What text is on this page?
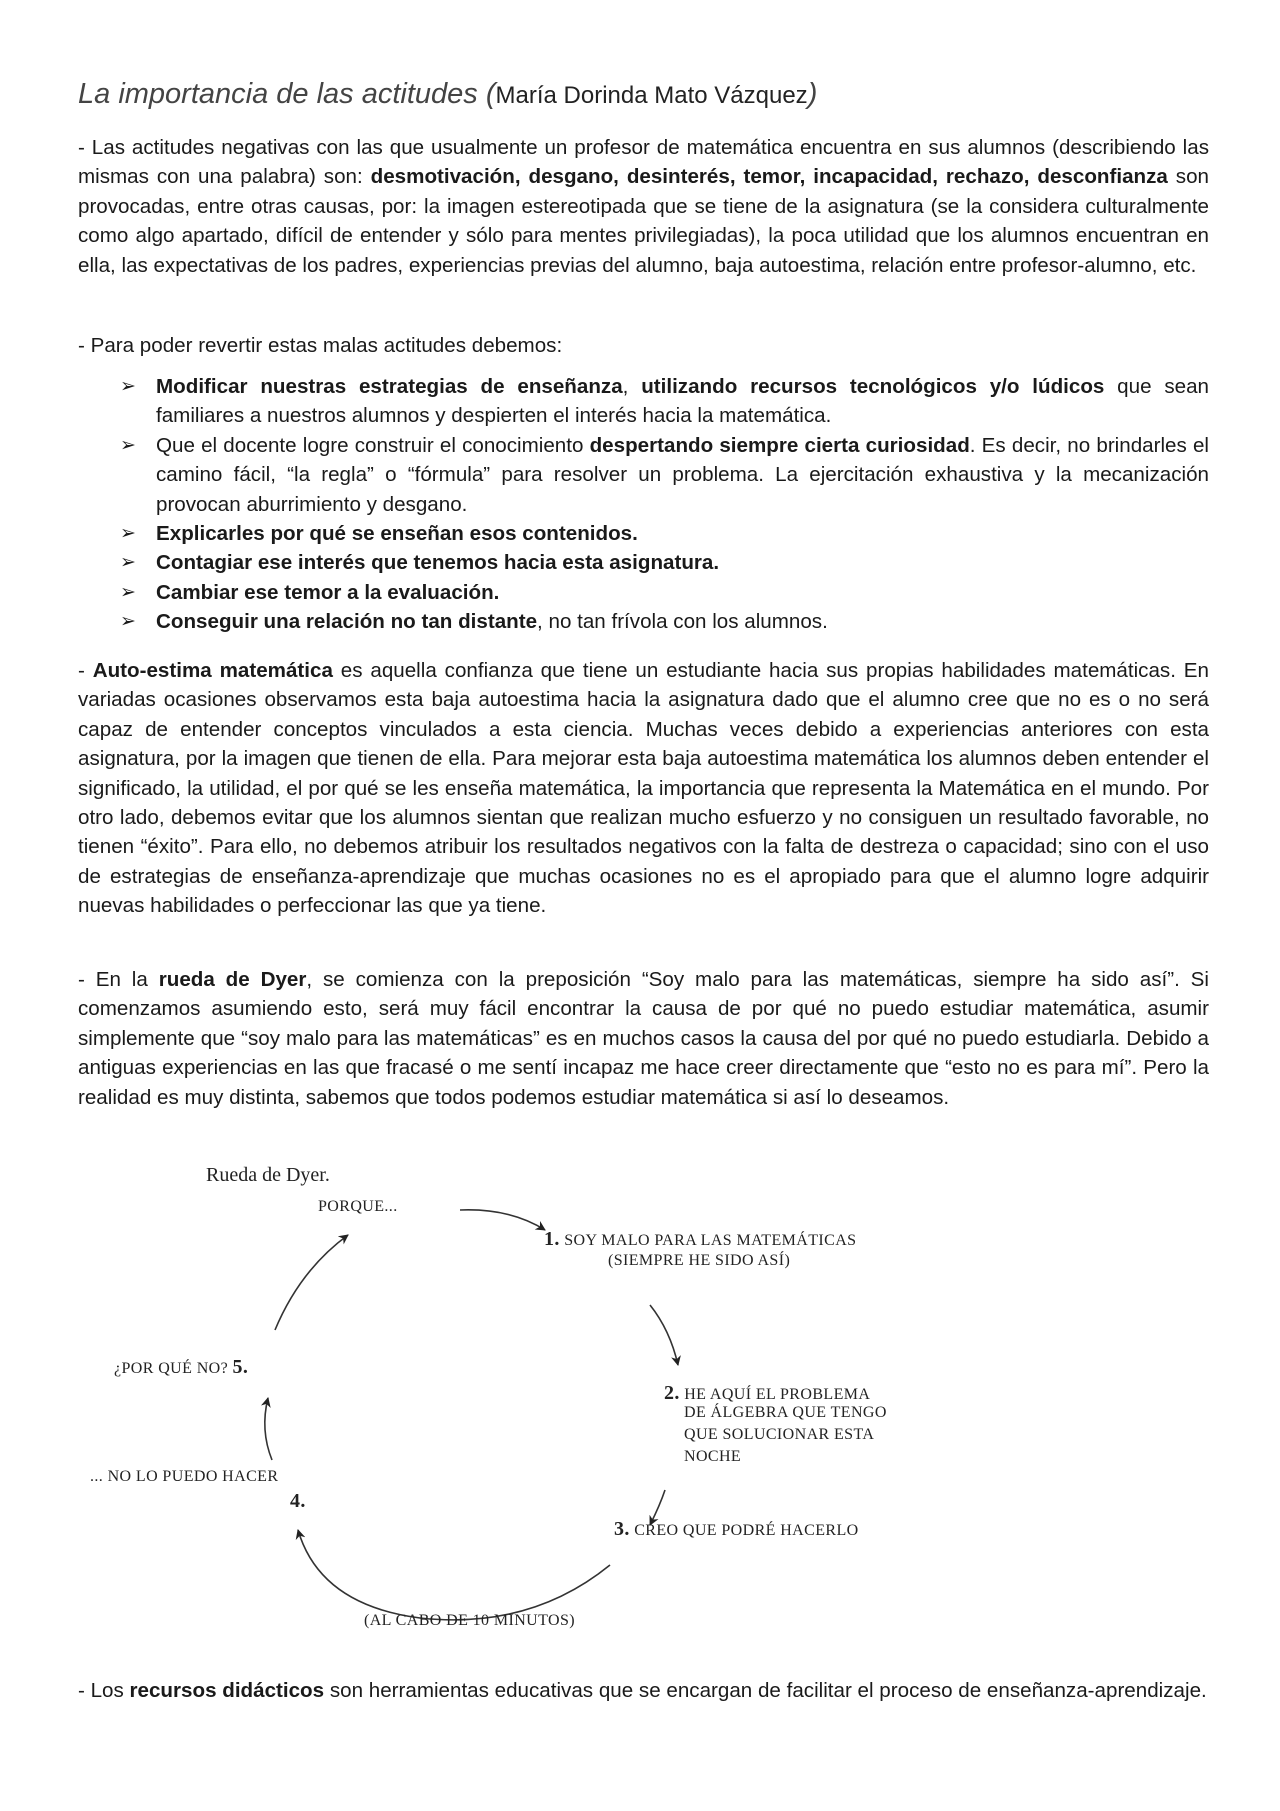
La importancia de las actitudes (María Dorinda Mato Vázquez)

- Las actitudes negativas con las que usualmente un profesor de matemática encuentra en sus alumnos (describiendo las mismas con una palabra) son: desmotivación, desgano, desinterés, temor, incapacidad, rechazo, desconfianza son provocadas, entre otras causas, por: la imagen estereotipada que se tiene de la asignatura (se la considera culturalmente como algo apartado, difícil de entender y sólo para mentes privilegiadas), la poca utilidad que los alumnos encuentran en ella, las expectativas de los padres, experiencias previas del alumno, baja autoestima, relación entre profesor-alumno, etc.

- Para poder revertir estas malas actitudes debemos:

➢ Modificar nuestras estrategias de enseñanza, utilizando recursos tecnológicos y/o lúdicos que sean familiares a nuestros alumnos y despierten el interés hacia la matemática.
➢ Que el docente logre construir el conocimiento despertando siempre cierta curiosidad. Es decir, no brindarles el camino fácil, “la regla” o “fórmula” para resolver un problema. La ejercitación exhaustiva y la mecanización provocan aburrimiento y desgano.
➢ Explicarles por qué se enseñan esos contenidos.
➢ Contagiar ese interés que tenemos hacia esta asignatura.
➢ Cambiar ese temor a la evaluación.
➢ Conseguir una relación no tan distante, no tan frívola con los alumnos.

- Auto-estima matemática es aquella confianza que tiene un estudiante hacia sus propias habilidades matemáticas. En variadas ocasiones observamos esta baja autoestima hacia la asignatura dado que el alumno cree que no es o no será capaz de entender conceptos vinculados a esta ciencia. Muchas veces debido a experiencias anteriores con esta asignatura, por la imagen que tienen de ella. Para mejorar esta baja autoestima matemática los alumnos deben entender el significado, la utilidad, el por qué se les enseña matemática, la importancia que representa la Matemática en el mundo. Por otro lado, debemos evitar que los alumnos sientan que realizan mucho esfuerzo y no consiguen un resultado favorable, no tienen “éxito”. Para ello, no debemos atribuir los resultados negativos con la falta de destreza o capacidad; sino con el uso de estrategias de enseñanza-aprendizaje que muchas ocasiones no es el apropiado para que el alumno logre adquirir nuevas habilidades o perfeccionar las que ya tiene.

- En la rueda de Dyer, se comienza con la preposición “Soy malo para las matemáticas, siempre ha sido así”. Si comenzamos asumiendo esto, será muy fácil encontrar la causa de por qué no puedo estudiar matemática, asumir simplemente que “soy malo para las matemáticas” es en muchos casos la causa del por qué no puedo estudiarla. Debido a antiguas experiencias en las que fracasé o me sentí incapaz me hace creer directamente que “esto no es para mí”. Pero la realidad es muy distinta, sabemos que todos podemos estudiar matemática si así lo deseamos.

Rueda de Dyer.
PORQUE...
1. SOY MALO PARA LAS MATEMÁTICAS
(SIEMPRE HE SIDO ASÍ)
2. HE AQUÍ EL PROBLEMA
DE ÁLGEBRA QUE TENGO
QUE SOLUCIONAR ESTA
NOCHE
3. CREO QUE PODRÉ HACERLO
(AL CABO DE 10 MINUTOS)
... NO LO PUEDO HACER
4.
¿POR QUÉ NO? 5.

- Los recursos didácticos son herramientas educativas que se encargan de facilitar el proceso de enseñanza-aprendizaje.
